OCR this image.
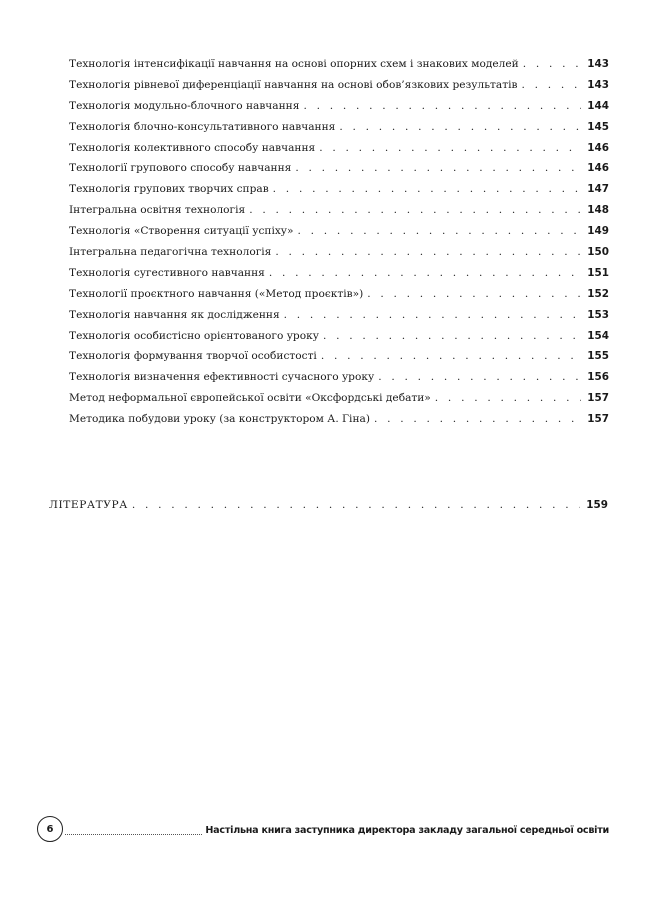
Технологія інтенсифікації навчання на основі опорних схем і знакових моделей . . .	143
Технологія рівневої диференціації навчання на основі обов’язкових результатів . . .	143
Технологія модульно-блочного навчання . . .	144
Технологія блочно-консультативного навчання . . .	145
Технологія колективного способу навчання . . .	146
Технології групового способу навчання . . .	146
Технологія групових творчих справ . . .	147
Інтегральна освітня технологія . . .	148
Технологія «Створення ситуації успіху» . . .	149
Інтегральна педагогічна технологія . . .	150
Технологія сугестивного навчання . . .	151
Технології проєктного навчання («Метод проєктів») . . .	152
Технологія навчання як дослідження . . .	153
Технологія особистісно орієнтованого уроку . . .	154
Технологія формування творчої особистості . . .	155
Технологія визначення ефективності сучасного уроку . . .	156
Метод неформальної європейської освіти «Оксфордські дебати» . . .	157
Методика побудови уроку (за конструктором А. Гіна) . . .	157
ЛІТЕРАТУРА . . .	159
6	Настільна книга заступника директора закладу загальної середньої освіти
